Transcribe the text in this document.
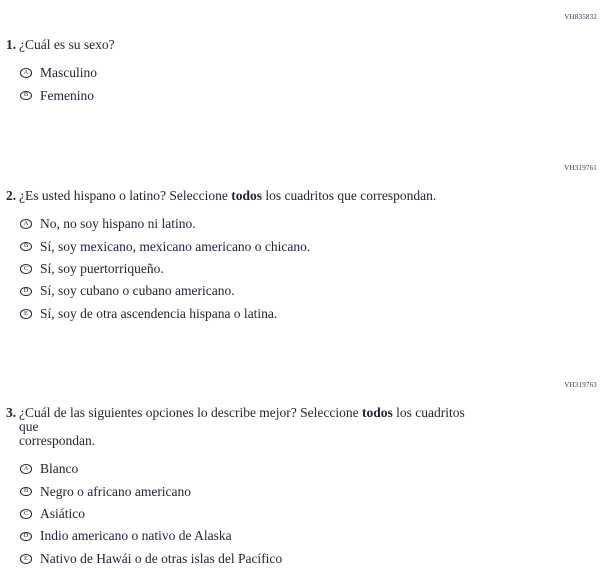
VH835832
1. ¿Cuál es su sexo?
A Masculino
B Femenino
VH319761
2. ¿Es usted hispano o latino? Seleccione todos los cuadritos que correspondan.
A No, no soy hispano ni latino.
B Sí, soy mexicano, mexicano americano o chicano.
C Sí, soy puertorriqueño.
D Sí, soy cubano o cubano americano.
E Sí, soy de otra ascendencia hispana o latina.
VH319763
3. ¿Cuál de las siguientes opciones lo describe mejor? Seleccione todos los cuadritos que
correspondan.
A Blanco
B Negro o africano americano
C Asiático
D Indio americano o nativo de Alaska
E Nativo de Hawái o de otras islas del Pacífico
